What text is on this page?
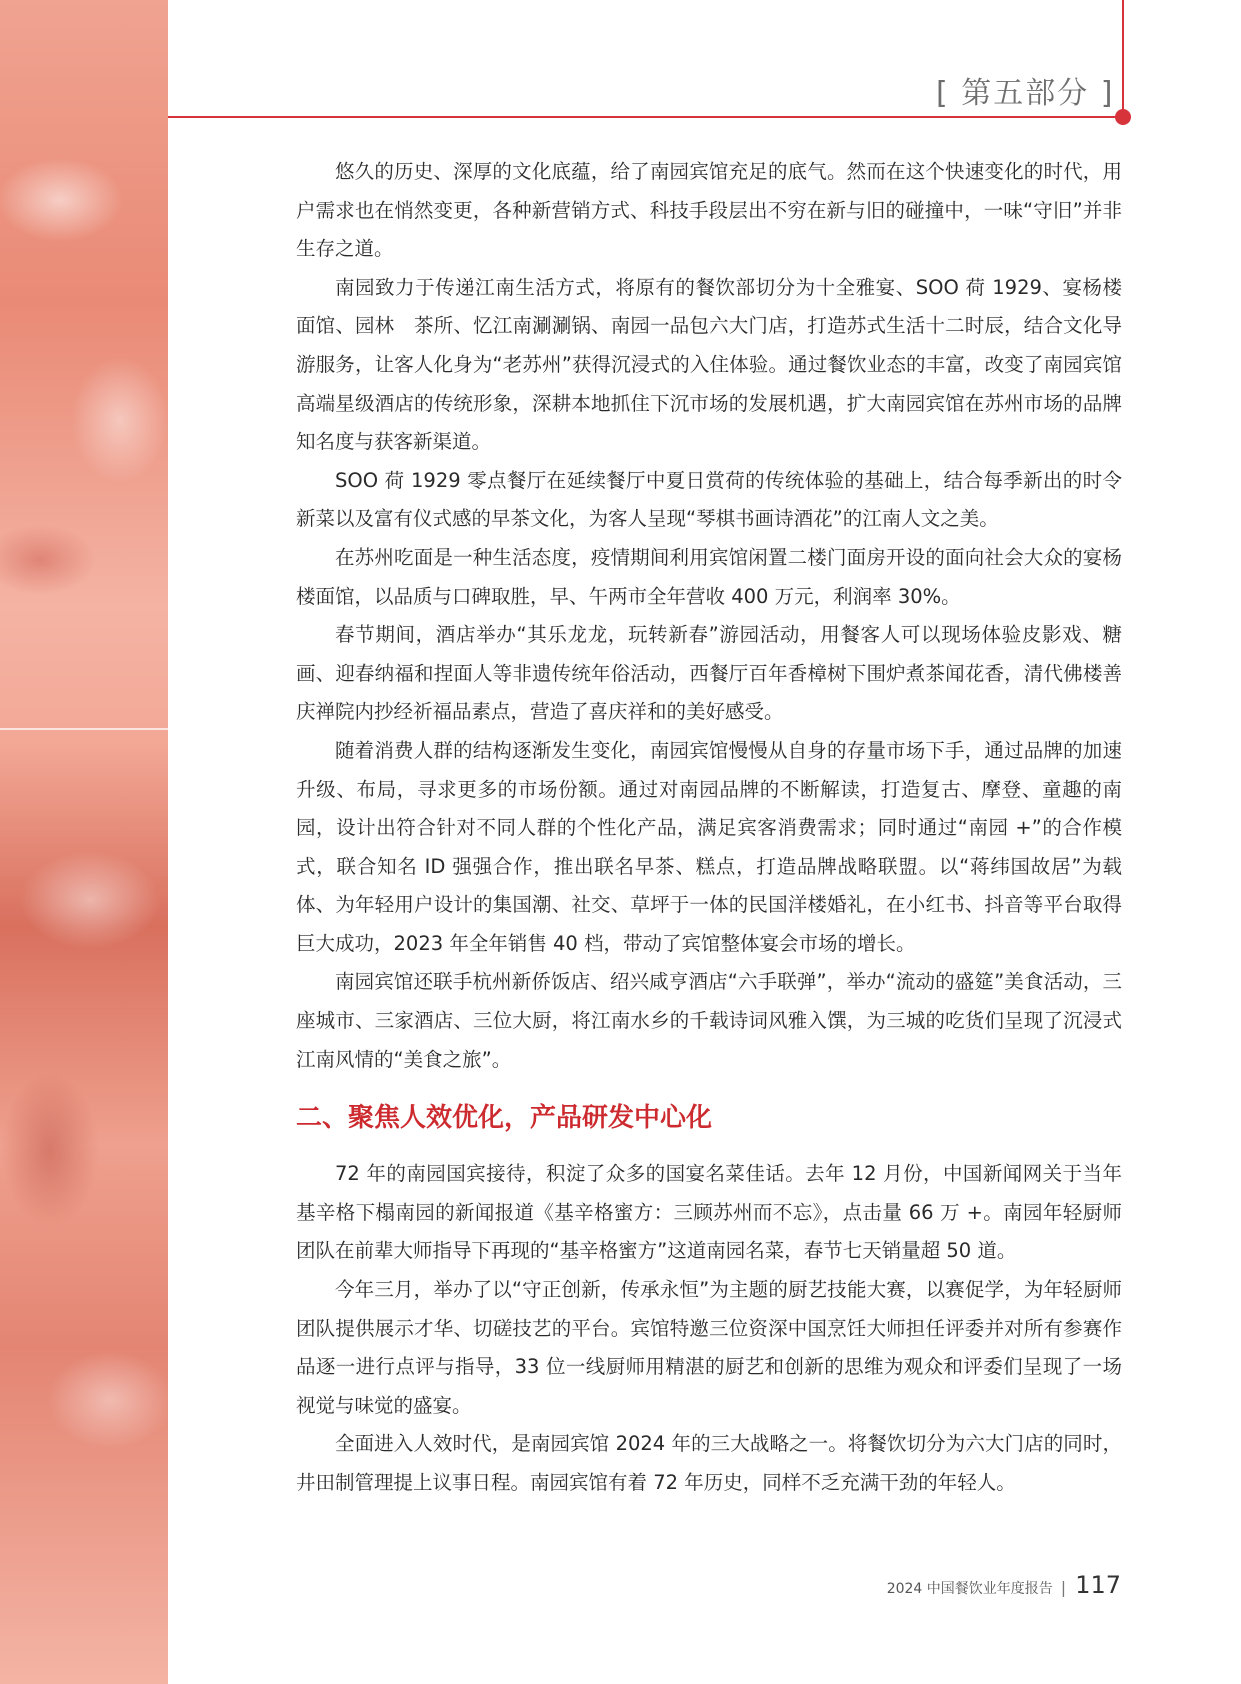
[ 第五部分 ]

悠久的历史、深厚的文化底蕴，给了南园宾馆充足的底气。然而在这个快速变化的时代，用户需求也在悄然变更，各种新营销方式、科技手段层出不穷在新与旧的碰撞中，一味“守旧”并非生存之道。

南园致力于传递江南生活方式，将原有的餐饮部切分为十全雅宴、SOO 荷 1929、宴杨楼面馆、园林　茶所、忆江南涮涮锅、南园一品包六大门店，打造苏式生活十二时辰，结合文化导游服务，让客人化身为“老苏州”获得沉浸式的入住体验。通过餐饮业态的丰富，改变了南园宾馆高端星级酒店的传统形象，深耕本地抓住下沉市场的发展机遇，扩大南园宾馆在苏州市场的品牌知名度与获客新渠道。

SOO 荷 1929 零点餐厅在延续餐厅中夏日赏荷的传统体验的基础上，结合每季新出的时令新菜以及富有仪式感的早茶文化，为客人呈现“琴棋书画诗酒花”的江南人文之美。

在苏州吃面是一种生活态度，疫情期间利用宾馆闲置二楼门面房开设的面向社会大众的宴杨楼面馆，以品质与口碑取胜，早、午两市全年营收 400 万元，利润率 30%。

春节期间，酒店举办“其乐龙龙，玩转新春”游园活动，用餐客人可以现场体验皮影戏、糖画、迎春纳福和捏面人等非遗传统年俗活动，西餐厅百年香樟树下围炉煮茶闻花香，清代佛楼善庆禅院内抄经祈福品素点，营造了喜庆祥和的美好感受。

随着消费人群的结构逐渐发生变化，南园宾馆慢慢从自身的存量市场下手，通过品牌的加速升级、布局，寻求更多的市场份额。通过对南园品牌的不断解读，打造复古、摩登、童趣的南园，设计出符合针对不同人群的个性化产品，满足宾客消费需求；同时通过“南园 +”的合作模式，联合知名 ID 强强合作，推出联名早茶、糕点，打造品牌战略联盟。以“蒋纬国故居”为载体、为年轻用户设计的集国潮、社交、草坪于一体的民国洋楼婚礼，在小红书、抖音等平台取得巨大成功，2023 年全年销售 40 档，带动了宾馆整体宴会市场的增长。

南园宾馆还联手杭州新侨饭店、绍兴咸亨酒店“六手联弹”，举办“流动的盛筵”美食活动，三座城市、三家酒店、三位大厨，将江南水乡的千载诗词风雅入馔，为三城的吃货们呈现了沉浸式江南风情的“美食之旅”。

二、聚焦人效优化，产品研发中心化

72 年的南园国宾接待，积淀了众多的国宴名菜佳话。去年 12 月份，中国新闻网关于当年基辛格下榻南园的新闻报道《基辛格蜜方：三顾苏州而不忘》，点击量 66 万 +。南园年轻厨师团队在前辈大师指导下再现的“基辛格蜜方”这道南园名菜，春节七天销量超 50 道。

今年三月，举办了以“守正创新，传承永恒”为主题的厨艺技能大赛，以赛促学，为年轻厨师团队提供展示才华、切磋技艺的平台。宾馆特邀三位资深中国烹饪大师担任评委并对所有参赛作品逐一进行点评与指导，33 位一线厨师用精湛的厨艺和创新的思维为观众和评委们呈现了一场视觉与味觉的盛宴。

全面进入人效时代，是南园宾馆 2024 年的三大战略之一。将餐饮切分为六大门店的同时，井田制管理提上议事日程。南园宾馆有着 72 年历史，同样不乏充满干劲的年轻人。

2024 中国餐饮业年度报告 | 117
